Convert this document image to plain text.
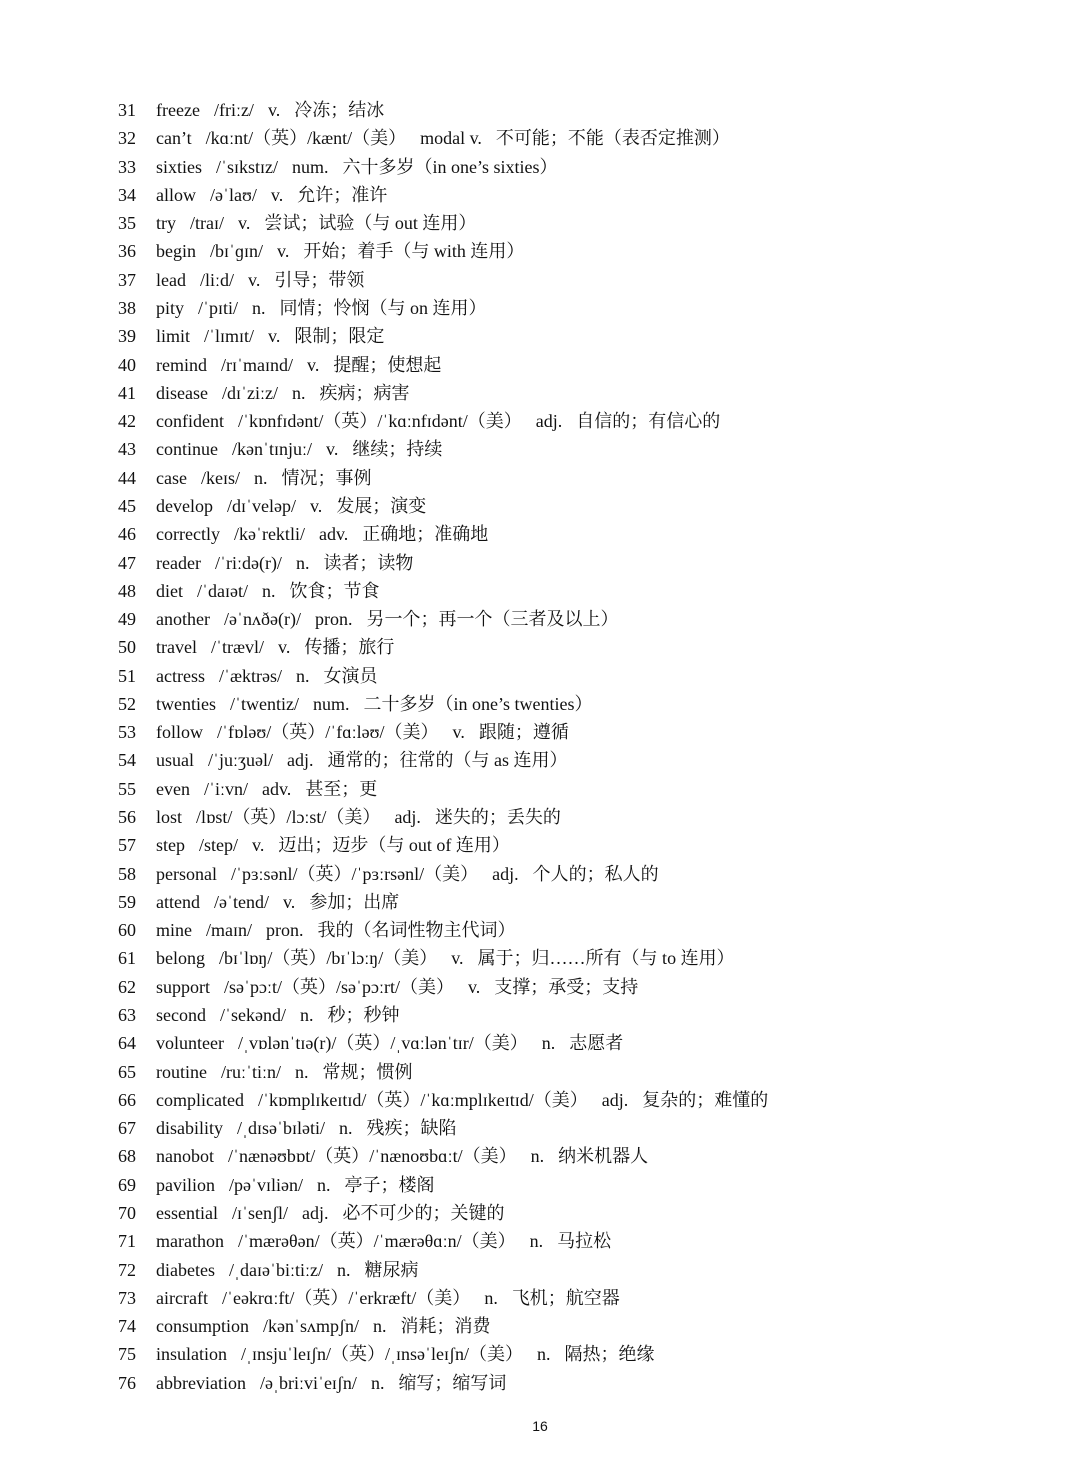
31 freeze /friːz/ v. 冷冻；结冰
32 can’t /kɑːnt/（英）/kænt/（美） modal v. 不可能；不能（表否定推测）
33 sixties /ˈsɪkstɪz/ num. 六十多岁（in one’s sixties）
34 allow /əˈlaʊ/ v. 允许；准许
35 try /traɪ/ v. 尝试；试验（与 out 连用）
36 begin /bɪˈɡɪn/ v. 开始；着手（与 with 连用）
37 lead /liːd/ v. 引导；带领
38 pity /ˈpɪti/ n. 同情；怜悯（与 on 连用）
39 limit /ˈlɪmɪt/ v. 限制；限定
40 remind /rɪˈmaɪnd/ v. 提醒；使想起
41 disease /dɪˈziːz/ n. 疾病；病害
42 confident /ˈkɒnfɪdənt/（英）/ˈkɑːnfɪdənt/（美） adj. 自信的；有信心的
43 continue /kənˈtɪnjuː/ v. 继续；持续
44 case /keɪs/ n. 情况；事例
45 develop /dɪˈveləp/ v. 发展；演变
46 correctly /kəˈrektli/ adv. 正确地；准确地
47 reader /ˈriːdə(r)/ n. 读者；读物
48 diet /ˈdaɪət/ n. 饮食；节食
49 another /əˈnʌðə(r)/ pron. 另一个；再一个（三者及以上）
50 travel /ˈtrævl/ v. 传播；旅行
51 actress /ˈæktrəs/ n. 女演员
52 twenties /ˈtwentiz/ num. 二十多岁（in one’s twenties）
53 follow /ˈfɒləʊ/（英）/ˈfɑːləʊ/（美） v. 跟随；遵循
54 usual /ˈjuːʒuəl/ adj. 通常的；往常的（与 as 连用）
55 even /ˈiːvn/ adv. 甚至；更
56 lost /lɒst/（英）/lɔːst/（美） adj. 迷失的；丢失的
57 step /step/ v. 迈出；迈步（与 out of 连用）
58 personal /ˈpɜːsənl/（英）/ˈpɜːrsənl/（美） adj. 个人的；私人的
59 attend /əˈtend/ v. 参加；出席
60 mine /maɪn/ pron. 我的（名词性物主代词）
61 belong /bɪˈlɒŋ/（英）/bɪˈlɔːŋ/（美） v. 属于；归……所有（与 to 连用）
62 support /səˈpɔːt/（英）/səˈpɔːrt/（美） v. 支撑；承受；支持
63 second /ˈsekənd/ n. 秒；秒钟
64 volunteer /ˌvɒlənˈtɪə(r)/（英）/ˌvɑːlənˈtɪr/（美） n. 志愿者
65 routine /ruːˈtiːn/ n. 常规；惯例
66 complicated /ˈkɒmplɪkeɪtɪd/（英）/ˈkɑːmplɪkeɪtɪd/（美） adj. 复杂的；难懂的
67 disability /ˌdɪsəˈbɪləti/ n. 残疾；缺陷
68 nanobot /ˈnænəʊbɒt/（英）/ˈnænoʊbɑːt/（美） n. 纳米机器人
69 pavilion /pəˈvɪliən/ n. 亭子；楼阁
70 essential /ɪˈsenʃl/ adj. 必不可少的；关键的
71 marathon /ˈmærəθən/（英）/ˈmærəθɑːn/（美） n. 马拉松
72 diabetes /ˌdaɪəˈbiːtiːz/ n. 糖尿病
73 aircraft /ˈeəkrɑːft/（英）/ˈerkræft/（美） n. 飞机；航空器
74 consumption /kənˈsʌmpʃn/ n. 消耗；消费
75 insulation /ˌɪnsjuˈleɪʃn/（英）/ˌɪnsəˈleɪʃn/（美） n. 隔热；绝缘
76 abbreviation /əˌbriːviˈeɪʃn/ n. 缩写；缩写词
16
